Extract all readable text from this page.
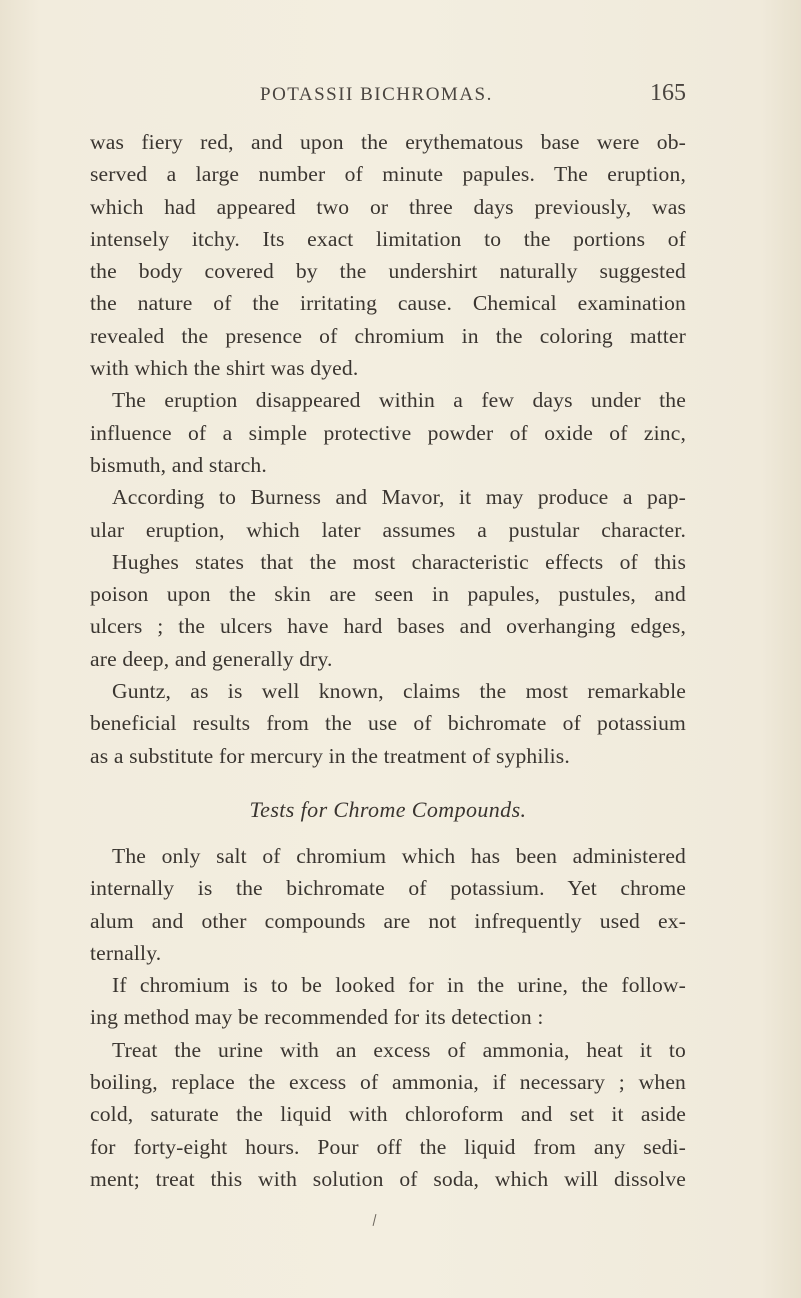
POTASSII BICHROMAS.	165
was fiery red, and upon the erythematous base were ob-
served a large number of minute papules. The eruption,
which had appeared two or three days previously, was
intensely itchy. Its exact limitation to the portions of
the body covered by the undershirt naturally suggested
the nature of the irritating cause. Chemical examination
revealed the presence of chromium in the coloring matter
with which the shirt was dyed.
The eruption disappeared within a few days under the
influence of a simple protective powder of oxide of zinc,
bismuth, and starch.
According to Burness and Mavor, it may produce a pap-
ular eruption, which later assumes a pustular character.
Hughes states that the most characteristic effects of this
poison upon the skin are seen in papules, pustules, and
ulcers ; the ulcers have hard bases and overhanging edges,
are deep, and generally dry.
Guntz, as is well known, claims the most remarkable
beneficial results from the use of bichromate of potassium
as a substitute for mercury in the treatment of syphilis.
Tests for Chrome Compounds.
The only salt of chromium which has been administered
internally is the bichromate of potassium. Yet chrome
alum and other compounds are not infrequently used ex-
ternally.
If chromium is to be looked for in the urine, the follow-
ing method may be recommended for its detection :
Treat the urine with an excess of ammonia, heat it to
boiling, replace the excess of ammonia, if necessary ; when
cold, saturate the liquid with chloroform and set it aside
for forty-eight hours. Pour off the liquid from any sedi-
ment; treat this with solution of soda, which will dissolve
